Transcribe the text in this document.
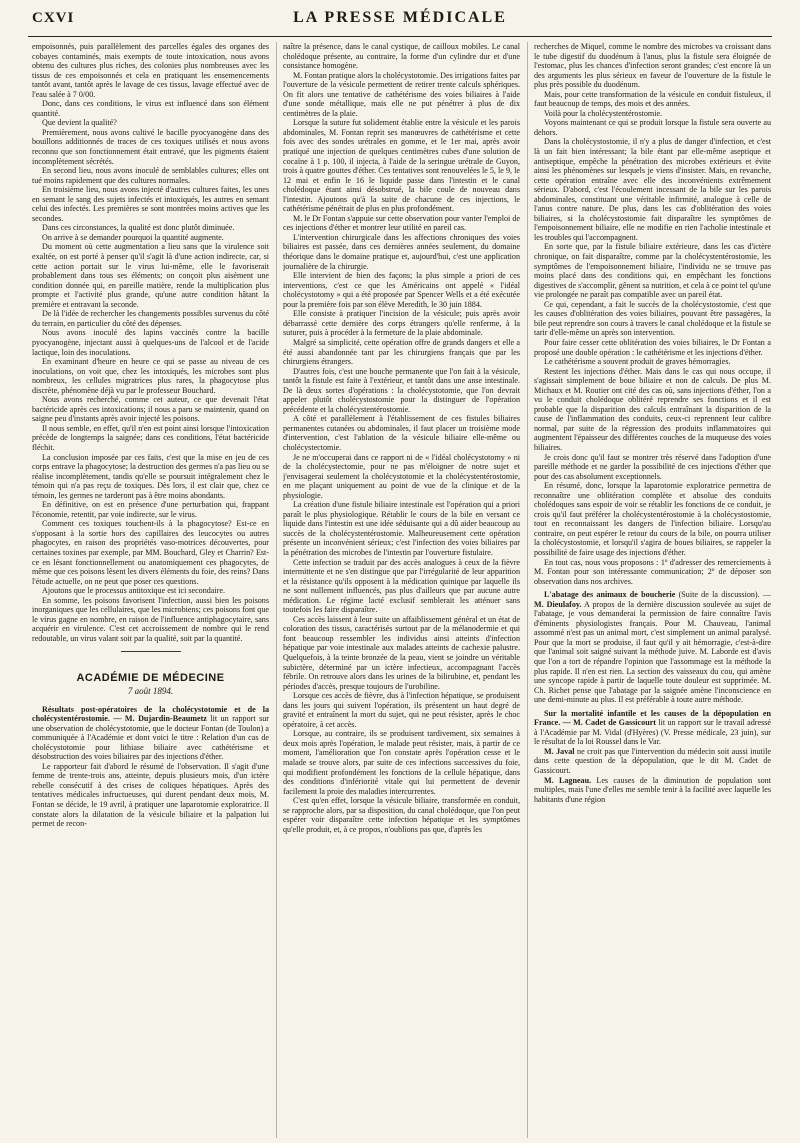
CXVI	LA PRESSE MÉDICALE

empoisonnés, puis parallèlement des parcelles égales des organes des cobayes contaminés, mais exempts de toute intoxication, nous avons obtenu des cultures plus riches, des colonies plus nombreuses avec les tissus de ces empoisonnés et cela en pratiquant les ensemencements tantôt avant, tantôt après le lavage de ces tissus, lavage effectué avec de l'eau salée à 7 0/00.

Donc, dans ces conditions, le virus est influencé dans son élément quantité.

Que devient la qualité?

Premièrement, nous avons cultivé le bacille pyocyanogène dans des bouillons additionnés de traces de ces toxiques utilisés et nous avons reconnu que son fonctionnement était entravé, que les pigments étaient incomplètement sécrétés.

En second lieu, nous avons inoculé de semblables cultures; elles ont tué moins rapidement que des cultures normales.

En troisième lieu, nous avons injecté d'autres cultures faites, les unes en semant le sang des sujets infectés et intoxiqués, les autres en semant celui des infectés. Les premières se sont montrées moins actives que les secondes.

Dans ces circonstances, la qualité est donc plutôt diminuée.

On arrive à se demander pourquoi la quantité augmente.

Du moment où cette augmentation a lieu sans que la virulence soit exaltée, on est porté à penser qu'il s'agit là d'une action indirecte, car, si cette action portait sur le virus lui-même, elle le favoriserait probablement dans tous ses éléments; on conçoit plus aisément une condition donnée qui, en pareille matière, rende la multiplication plus prompte et l'activité plus grande, qu'une autre condition hâtant la première et entravant la seconde.

De là l'idée de rechercher les changements possibles survenus du côté du terrain, en particulier du côté des dépenses.

Nous avons inoculé des lapins vaccinés contre la bacille pyocyanogène, injectant aussi à quelques-uns de l'alcool et de l'acide lactique, loin des inoculations.

En examinant d'heure en heure ce qui se passe au niveau de ces inoculations, on voit que, chez les intoxiqués, les microbes sont plus nombreux, les cellules migratrices plus rares, la phagocytose plus discrète, phénomène déjà vu par le professeur Bouchard.

Nous avons recherché, comme cet auteur, ce que devenait l'état bactéricide après ces intoxications; il nous a paru se maintenir, quand on saigne peu d'instants après avoir injecté les poisons.

Il nous semble, en effet, qu'il n'en est point ainsi lorsque l'intoxication précède de longtemps la saignée; dans ces conditions, l'état bactéricide fléchit.

La conclusion imposée par ces faits, c'est que la mise en jeu de ces corps entrave la phagocytose; la destruction des germes n'a pas lieu ou se réalise incomplètement, tandis qu'elle se poursuit intégralement chez le témoin qui n'a pas reçu de toxiques. Dès lors, il est clair que, chez ce témoin, les germes ne tarderont pas à être moins abondants.

En définitive, on est en présence d'une perturbation qui, frappant l'économie, retentit, par voie indirecte, sur le virus.

Comment ces toxiques touchent-ils à la phagocytose? Est-ce en s'opposant à la sortie hors des capillaires des leucocytes ou autres phagocytes, en raison des propriétés vaso-motrices découvertes, pour certaines toxines par exemple, par MM. Bouchard, Gley et Charrin? Est-ce en lésant fonctionnellement ou anatomiquement ces phagocytes, de même que ces poisons lèsent les divers éléments du foie, des reins? Dans l'étude actuelle, on ne peut que poser ces questions.

Ajoutons que le processus antitoxique est ici secondaire.

En somme, les poisons favorisent l'infection, aussi bien les poisons inorganiques que les cellulaires, que les microbiens; ces poisons font que le virus gagne en nombre, en raison de l'influence antiphagocytaire, sans acquérir en virulence. C'est cet accroissement de nombre qui le rend redoutable, un virus valant soit par la qualité, soit par la quantité.

ACADÉMIE DE MÉDECINE
7 août 1894.

Résultats post-opératoires de la cholécystotomie et de la cholécystentérostomie. — M. Dujardin-Beaumetz lit un rapport sur une observation de cholécystotomie, que le docteur Fontan (de Toulon) a communiquée à l'Académie et dont voici le titre : Relation d'un cas de cholécystotomie pour lithiase biliaire avec cathétérisme et désobstruction des voies biliaires par des injections d'éther.

Le rapporteur fait d'abord le résumé de l'observation. Il s'agit d'une femme de trente-trois ans, atteinte, depuis plusieurs mois, d'un ictère rebelle consécutif à des crises de coliques hépatiques. Après des tentatives médicales infructueuses, qui durent pendant deux mois, M. Fontan se décide, le 19 avril, à pratiquer une laparotomie exploratrice. Il constate alors la dilatation de la vésicule biliaire et la palpation lui permet de recon-

naître la présence, dans le canal cystique, de cailloux mobiles. Le canal cholédoque présente, au contraire, la forme d'un cylindre dur et d'une consistance homogène.

M. Fontan pratique alors la cholécystotomie. Des irrigations faites par l'ouverture de la vésicule permettent de retirer trente calculs sphériques. On fit alors une tentative de cathétérisme des voies biliaires à l'aide d'une sonde métallique, mais elle ne put pénétrer à plus de dix centimètres de la plaie.

Lorsque la suture fut solidement établie entre la vésicule et les parois abdominales, M. Fontan reprit ses manœuvres de cathétérisme et cette fois avec des sondes urétrales en gomme, et le 1er mai, après avoir pratiqué une injection de quelques centimètres cubes d'une solution de cocaïne à 1 p. 100, il injecta, à l'aide de la seringue urétrale de Guyon, trois à quatre gouttes d'éther. Ces tentatives sont renouvelées le 5, le 9, le 12 mai et enfin le 16 le liquide passe dans l'intestin et le canal cholédoque étant ainsi désobstrué, la bile coule de nouveau dans l'intestin. Ajoutons qu'à la suite de chacune de ces injections, le cathétérisme pénétrait de plus en plus profondément.

M. le Dr Fontan s'appuie sur cette observation pour vanter l'emploi de ces injections d'éther et montrer leur utilité en pareil cas.

L'intervention chirurgicale dans les affections chroniques des voies biliaires est passée, dans ces dernières années seulement, du domaine théorique dans le domaine pratique et, aujourd'hui, c'est une application journalière de la chirurgie.

Elle intervient de bien des façons; la plus simple a priori de ces interventions, c'est ce que les Américains ont appelé « l'idéal cholécystotomy » qui a été proposée par Spencer Wells et a été exécutée pour la première fois par son élève Meredith, le 30 juin 1884.

Elle consiste à pratiquer l'incision de la vésicule; puis après avoir débarrassé cette dernière des corps étrangers qu'elle renferme, à la suturer, puis à procéder à la fermeture de la plaie abdominale.

Malgré sa simplicité, cette opération offre de grands dangers et elle a été aussi abandonnée tant par les chirurgiens français que par les chirurgiens étrangers.

D'autres fois, c'est une bouche permanente que l'on fait à la vésicule, tantôt la fistule est faite à l'extérieur, et tantôt dans une anse intestinale. De là deux sortes d'opérations : la cholécystotomie, que l'on devrait appeler plutôt cholécystostomie pour la distinguer de l'opération précédente et la cholécystentérostomie.

A côté et parallèlement à l'établissement de ces fistules biliaires permanentes cutanées ou abdominales, il faut placer un troisième mode d'intervention, c'est l'ablation de la vésicule biliaire elle-même ou cholécystectomie.

Je ne m'occuperai dans ce rapport ni de « l'idéal cholécystotomy » ni de la cholécystectomie, pour ne pas m'éloigner de notre sujet et j'envisagerai seulement la cholécystotomie et la cholécystentérostomie, en me plaçant uniquement au point de vue de la clinique et de la physiologie.

La création d'une fistule biliaire intestinale est l'opération qui a priori paraît le plus physiologique. Rétablir le cours de la bile en versant ce liquide dans l'intestin est une idée séduisante qui a dû aider beaucoup au succès de la cholécystentérostomie. Malheureusement cette opération présente un inconvénient sérieux; c'est l'infection des voies biliaires par la pénétration des microbes de l'intestin par l'ouverture fistulaire.

Cette infection se traduit par des accès analogues à ceux de la fièvre intermittente et ne s'en distingue que par l'irrégularité de leur apparition et la résistance qu'ils opposent à la médication quinique par laquelle ils ne sont nullement influencés, pas plus d'ailleurs que par aucune autre médication. Le régime lacté exclusif semblerait les atténuer sans toutefois les faire disparaître.

Ces accès laissent à leur suite un affaiblissement général et un état de coloration des tissus, caractérisés surtout par de la mélanodermie et qui font beaucoup ressembler les individus ainsi atteints d'infection hépatique par voie intestinale aux malades atteints de cachexie palustre. Quelquefois, à la teinte bronzée de la peau, vient se joindre un véritable subictère, déterminé par un ictère infectieux, accompagnant l'accès fébrile. On retrouve alors dans les urines de la bilirubine, et, pendant les périodes d'accès, presque toujours de l'urobiline.

Lorsque ces accès de fièvre, dus à l'infection hépatique, se produisent dans les jours qui suivent l'opération, ils présentent un haut degré de gravité et entraînent la mort du sujet, qui ne peut résister, après le choc opératoire, à cet accès.

Lorsque, au contraire, ils se produisent tardivement, six semaines à deux mois après l'opération, le malade peut résister, mais, à partir de ce moment, l'amélioration que l'on constate après l'opération cesse et le malade se trouve alors, par suite de ces infections successives du foie, qui modifient profondément les fonctions de la cellule hépatique, dans des conditions d'infériorité vitale qui lui permettent de devenir facilement la proie des maladies intercurrentes.

C'est qu'en effet, lorsque la vésicule biliaire, transformée en conduit, se rapproche alors, par sa disposition, du canal cholédoque, que l'on peut espérer voir disparaître cette infection hépatique et les symptômes qu'elle produit, et, à ce propos, n'oublions pas que, d'après les

recherches de Miquel, comme le nombre des microbes va croissant dans le tube digestif du duodénum à l'anus, plus la fistule sera éloignée de l'estomac, plus les chances d'infection seront grandes; c'est encore là un des arguments les plus sérieux en faveur de l'ouverture de la fistule le plus près possible du duodénum.

Mais, pour cette transformation de la vésicule en conduit fistuleux, il faut beaucoup de temps, des mois et des années.

Voilà pour la cholécystentérostomie.

Voyons maintenant ce qui se produit lorsque la fistule sera ouverte au dehors.

Dans la cholécystostomie, il n'y a plus de danger d'infection, et c'est là un fait bien intéressant; la bile étant par elle-même aseptique et antiseptique, empêche la pénétration des microbes extérieurs et évite ainsi les phénomènes sur lesquels je viens d'insister. Mais, en revanche, cette opération entraîne avec elle des inconvénients extrêmement sérieux. D'abord, c'est l'écoulement incessant de la bile sur les parois abdominales, constituant une véritable infirmité, analogue à celle de l'anus contre nature. De plus, dans les cas d'oblitération des voies biliaires, si la cholécystostomie fait disparaître les symptômes de l'empoisonnement biliaire, elle ne modifie en rien l'acholie intestinale et les troubles qui l'accompagnent.

En sorte que, par la fistule biliaire extérieure, dans les cas d'ictère chronique, on fait disparaître, comme par la cholécystentérostomie, les symptômes de l'empoisonnement biliaire, l'individu ne se trouve pas moins placé dans des conditions qui, en empêchant les fonctions digestives de s'accomplir, gênent sa nutrition, et cela à ce point tel qu'une vie prolongée ne paraît pas compatible avec un pareil état.

Ce qui, cependant, a fait le succès de la cholécystostomie, c'est que les causes d'oblitération des voies biliaires, pouvant être passagères, la bile peut reprendre son cours à travers le canal cholédoque et la fistule se tarir d'elle-même un après son intervention.

Pour faire cesser cette oblitération des voies biliaires, le Dr Fontan a proposé une double opération : le cathétérisme et les injections d'éther.

Le cathétérisme a souvent produit de graves hémorragies.

Restent les injections d'éther. Mais dans le cas qui nous occupe, il s'agissait simplement de boue biliaire et non de calculs. De plus M. Michaux et M. Routier ont cité des cas où, sans injections d'éther, l'on a vu le conduit cholédoque oblitéré reprendre ses fonctions et il est probable que la disparition des calculs entraînant la disparition de la cause de l'inflammation des conduits, ceux-ci reprennent leur calibre normal, par suite de la régression des produits inflammatoires qui augmentent l'épaisseur des différentes couches de la muqueuse des voies biliaires.

Je crois donc qu'il faut se montrer très réservé dans l'adoption d'une pareille méthode et ne garder la possibilité de ces injections d'éther que pour des cas absolument exceptionnels.

En résumé, donc, lorsque la laparotomie exploratrice permettra de reconnaître une oblitération complète et absolue des conduits cholédoques sans espoir de voir se rétablir les fonctions de ce conduit, je crois qu'il faut préférer la cholécystentérostomie à la cholécystostomie, tout en reconnaissant les dangers de l'infection biliaire. Lorsqu'au contraire, on peut espérer le retour du cours de la bile, on pourra utiliser la cholécystostomie, et lorsqu'il s'agira de boues biliaires, se rappeler la possibilité de faire usage des injections d'éther.

En tout cas, nous vous proposons : 1º d'adresser des remerciements à M. Fontan pour son intéressante communication; 2º de déposer son observation dans nos archives.

L'abatage des animaux de boucherie (Suite de la discussion). — M. Dieulafoy. A propos de la dernière discussion soulevée au sujet de l'abatage, je vous demanderai la permission de faire connaître l'avis d'éminents physiologistes français. Pour M. Chauveau, l'animal assommé n'est pas un animal mort, c'est simplement un animal paralysé. Pour que la mort se produise, il faut qu'il y ait hémorragie, c'est-à-dire que l'animal soit saigné suivant la méthode juive. M. Laborde est d'avis que l'on a tort de répandre l'opinion que l'assommage est la méthode la plus rapide. Il n'en est rien. La section des vaisseaux du cou, qui amène une syncope rapide à partir de laquelle toute douleur est supprimée. M. Ch. Richet pense que l'abatage par la saignée amène l'inconscience en une demi-minute au plus. Il est préférable à toute autre méthode.

Sur la mortalité infantile et les causes de la dépopulation en France. — M. Cadet de Gassicourt lit un rapport sur le travail adressé à l'Académie par M. Vidal (d'Hyères) (V. Presse médicale, 23 juin), sur le résultat de la loi Roussel dans le Var.

M. Javal ne croit pas que l'intervention du médecin soit aussi inutile dans cette question de la dépopulation, que le dit M. Cadet de Gassicourt.

M. Lagneau. Les causes de la diminution de population sont multiples, mais l'une d'elles me semble tenir à la facilité avec laquelle les habitants d'une région
